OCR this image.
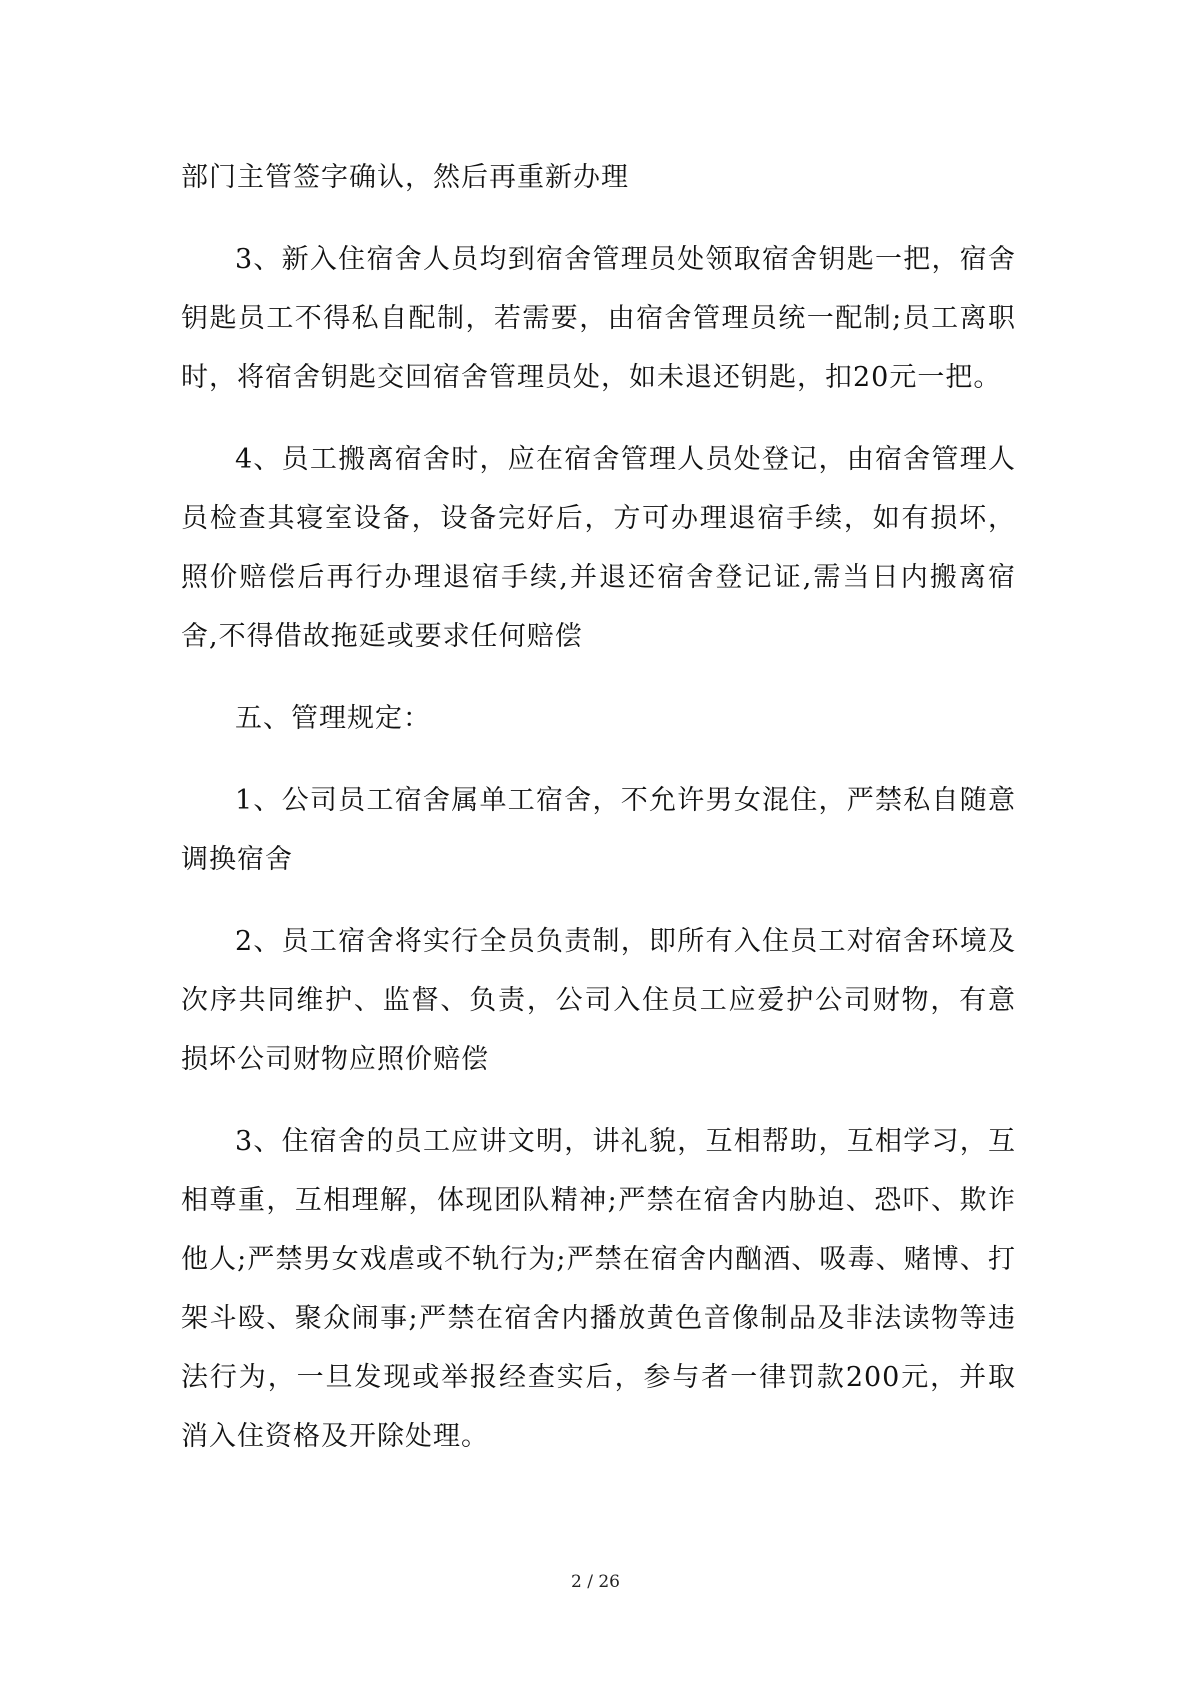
部门主管签字确认，然后再重新办理

3、新入住宿舍人员均到宿舍管理员处领取宿舍钥匙一把，宿舍钥匙员工不得私自配制，若需要，由宿舍管理员统一配制;员工离职时，将宿舍钥匙交回宿舍管理员处，如未退还钥匙，扣20元一把。

4、员工搬离宿舍时，应在宿舍管理人员处登记，由宿舍管理人员检查其寝室设备，设备完好后，方可办理退宿手续，如有损坏，照价赔偿后再行办理退宿手续,并退还宿舍登记证,需当日内搬离宿舍,不得借故拖延或要求任何赔偿

五、管理规定：

1、公司员工宿舍属单工宿舍，不允许男女混住，严禁私自随意调换宿舍

2、员工宿舍将实行全员负责制，即所有入住员工对宿舍环境及次序共同维护、监督、负责，公司入住员工应爱护公司财物，有意损坏公司财物应照价赔偿

3、住宿舍的员工应讲文明，讲礼貌，互相帮助，互相学习，互相尊重，互相理解，体现团队精神;严禁在宿舍内胁迫、恐吓、欺诈他人;严禁男女戏虐或不轨行为;严禁在宿舍内酗酒、吸毒、赌博、打架斗殴、聚众闹事;严禁在宿舍内播放黄色音像制品及非法读物等违法行为，一旦发现或举报经查实后，参与者一律罚款200元，并取消入住资格及开除处理。

2 / 26
